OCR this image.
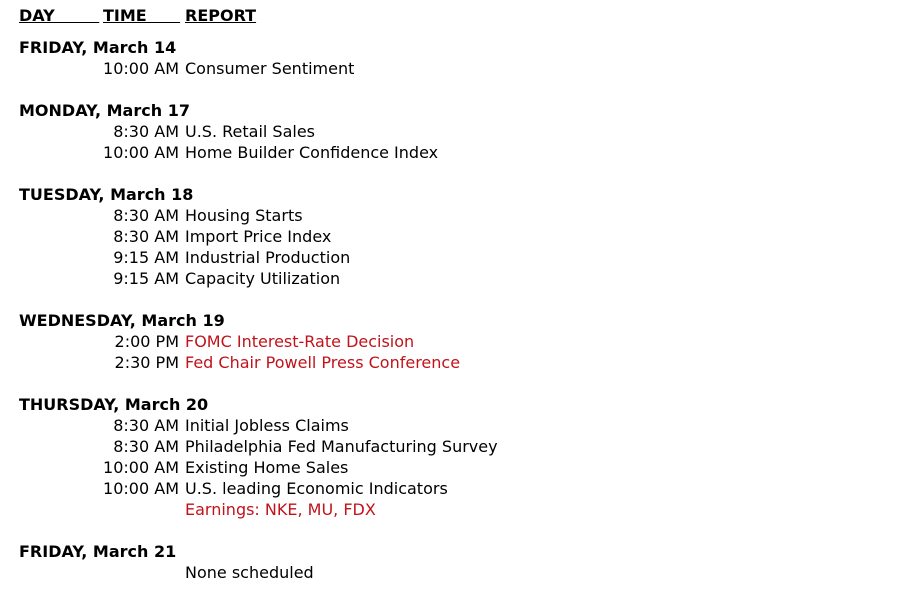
DAY TIME REPORT
FRIDAY, March 14
10:00 AM Consumer Sentiment
MONDAY, March 17
8:30 AM U.S. Retail Sales
10:00 AM Home Builder Confidence Index
TUESDAY, March 18
8:30 AM Housing Starts
8:30 AM Import Price Index
9:15 AM Industrial Production
9:15 AM Capacity Utilization
WEDNESDAY, March 19
2:00 PM FOMC Interest-Rate Decision
2:30 PM Fed Chair Powell Press Conference
THURSDAY, March 20
8:30 AM Initial Jobless Claims
8:30 AM Philadelphia Fed Manufacturing Survey
10:00 AM Existing Home Sales
10:00 AM U.S. leading Economic Indicators
Earnings: NKE, MU, FDX
FRIDAY, March 21
None scheduled
